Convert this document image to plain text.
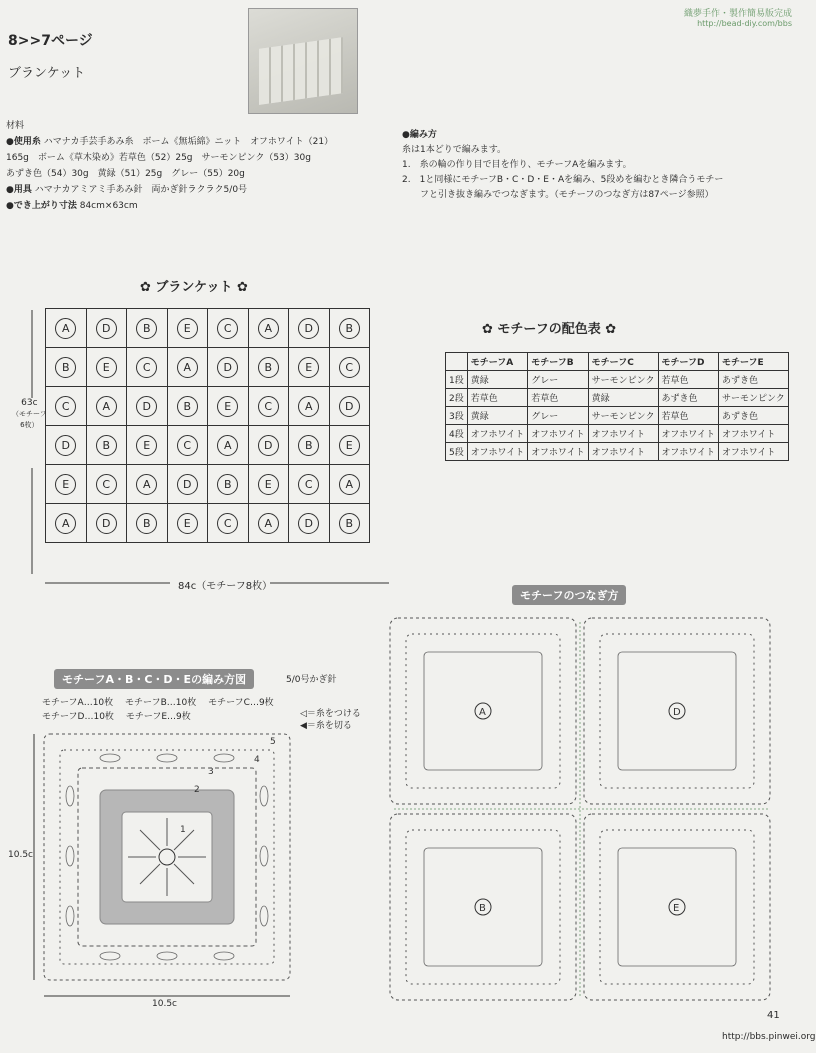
織夢手作・製作簡易版完成
http://bead-diy.com/bbs
8>>7ページ
ブランケット
材料
●使用糸 ハマナカ手芸手あみ糸　ボーム《無垢綿》ニット　オフホワイト（21）
165g　ボーム《草木染め》若草色（52）25g　サーモンピンク（53）30g
あずき色（54）30g　黄緑（51）25g　グレー（55）20g
●用具 ハマナカアミアミ手あみ針　両かぎ針ラクラク5/0号
●でき上がり寸法 84cm×63cm
●編み方
糸は1本どりで編みます。
1.　糸の輪の作り目で目を作り、モチーフAを編みます。
2.　1と同様にモチーフB・C・D・E・Aを編み、5段めを編むとき隣合うモチー
フと引き抜き編みでつなぎます。（モチーフのつなぎ方は87ページ参照）
✿ ブランケット ✿
63c
（モチーフ
6枚）
A	D	B	E	C	A	D	B
B	E	C	A	D	B	E	C
C	A	D	B	E	C	A	D
D	B	E	C	A	D	B	E
E	C	A	D	B	E	C	A
A	D	B	E	C	A	D	B
84c（モチーフ8枚）
✿ モチーフの配色表 ✿
	モチーフA	モチーフB	モチーフC	モチーフD	モチーフE
1段	黄緑	グレー	サーモンピンク	若草色	あずき色
2段	若草色	若草色	黄緑	あずき色	サーモンピンク
3段	黄緑	グレー	サーモンピンク	若草色	あずき色
4段	オフホワイト	オフホワイト	オフホワイト	オフホワイト	オフホワイト
5段	オフホワイト	オフホワイト	オフホワイト	オフホワイト	オフホワイト
モチーフA・B・C・D・Eの編み方図	5/0号かぎ針
モチーフA…10枚　 モチーフB…10枚　 モチーフC…9枚
モチーフD…10枚　 モチーフE…9枚	◁＝糸をつける
◀＝糸を切る
5
4
3
2
1
10.5c
10.5c
モチーフのつなぎ方
A	D
B	E
41
http://bbs.pinwei.org
